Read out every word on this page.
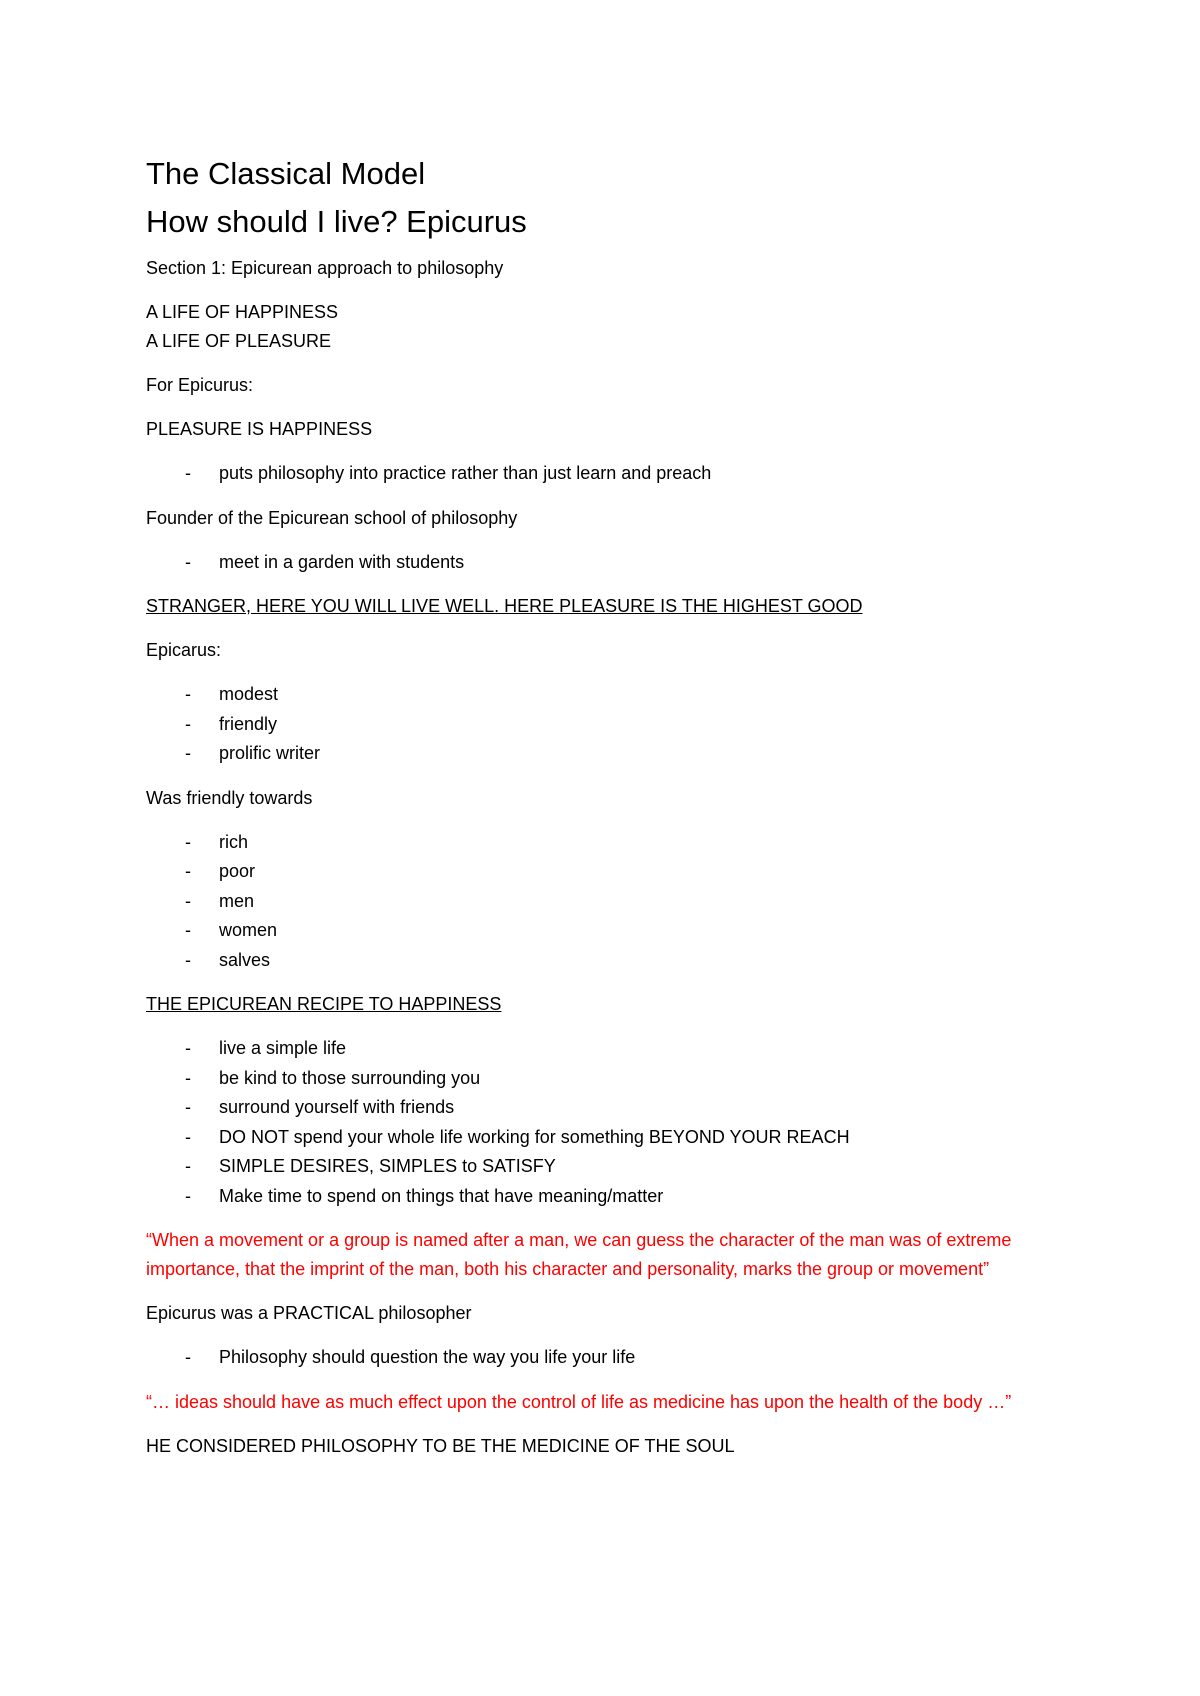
The Classical Model

How should I live? Epicurus

Section 1: Epicurean approach to philosophy

A LIFE OF HAPPINESS

A LIFE OF PLEASURE

For Epicurus:

PLEASURE IS HAPPINESS

- puts philosophy into practice rather than just learn and preach

Founder of the Epicurean school of philosophy

- meet in a garden with students

STRANGER, HERE YOU WILL LIVE WELL. HERE PLEASURE IS THE HIGHEST GOOD

Epicarus:

- modest
- friendly
- prolific writer

Was friendly towards

- rich
- poor
- men
- women
- salves

THE EPICUREAN RECIPE TO HAPPINESS

- live a simple life
- be kind to those surrounding you
- surround yourself with friends
- DO NOT spend your whole life working for something BEYOND YOUR REACH
- SIMPLE DESIRES, SIMPLES to SATISFY
- Make time to spend on things that have meaning/matter

“When a movement or a group is named after a man, we can guess the character of the man was of extreme importance, that the imprint of the man, both his character and personality, marks the group or movement”

Epicurus was a PRACTICAL philosopher

- Philosophy should question the way you life your life

“… ideas should have as much effect upon the control of life as medicine has upon the health of the body …”

HE CONSIDERED PHILOSOPHY TO BE THE MEDICINE OF THE SOUL
